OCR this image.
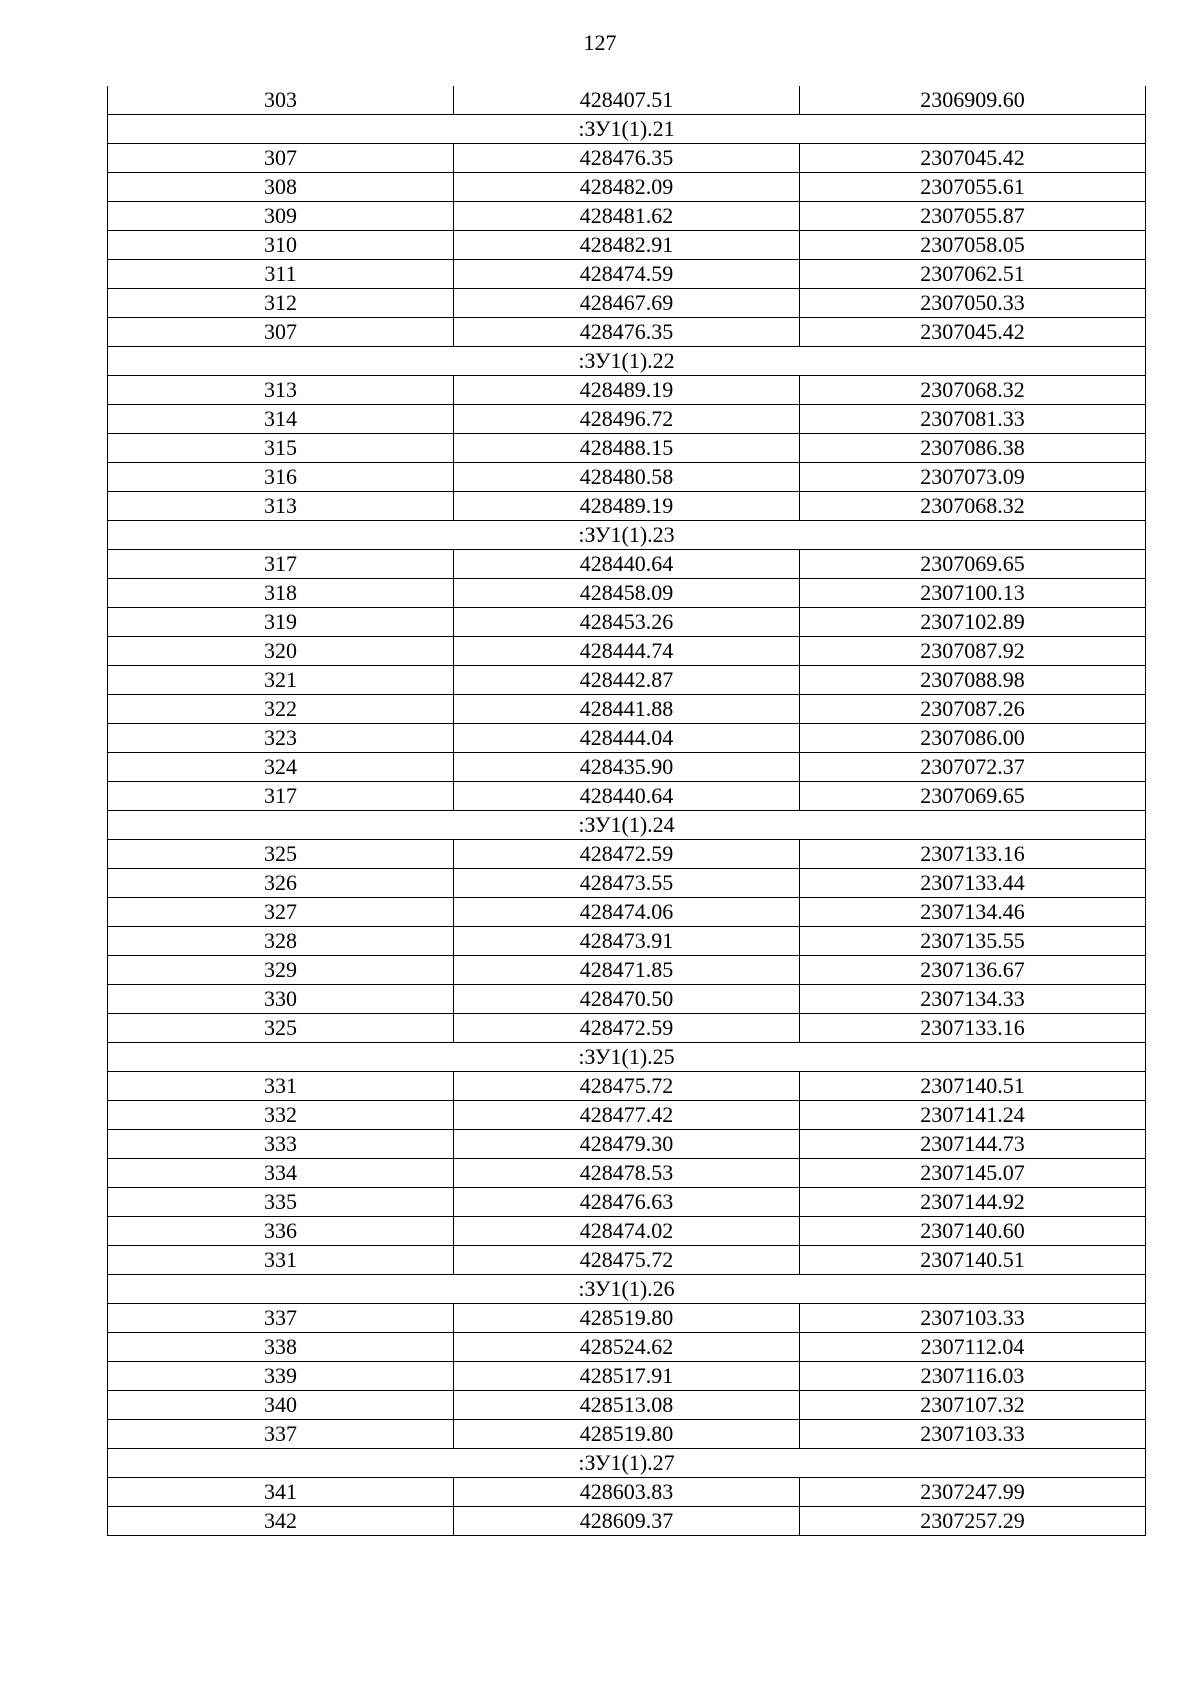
127
303	428407.51	2306909.60
:ЗУ1(1).21		
307	428476.35	2307045.42
308	428482.09	2307055.61
309	428481.62	2307055.87
310	428482.91	2307058.05
311	428474.59	2307062.51
312	428467.69	2307050.33
307	428476.35	2307045.42
:ЗУ1(1).22		
313	428489.19	2307068.32
314	428496.72	2307081.33
315	428488.15	2307086.38
316	428480.58	2307073.09
313	428489.19	2307068.32
:ЗУ1(1).23		
317	428440.64	2307069.65
318	428458.09	2307100.13
319	428453.26	2307102.89
320	428444.74	2307087.92
321	428442.87	2307088.98
322	428441.88	2307087.26
323	428444.04	2307086.00
324	428435.90	2307072.37
317	428440.64	2307069.65
:ЗУ1(1).24		
325	428472.59	2307133.16
326	428473.55	2307133.44
327	428474.06	2307134.46
328	428473.91	2307135.55
329	428471.85	2307136.67
330	428470.50	2307134.33
325	428472.59	2307133.16
:ЗУ1(1).25		
331	428475.72	2307140.51
332	428477.42	2307141.24
333	428479.30	2307144.73
334	428478.53	2307145.07
335	428476.63	2307144.92
336	428474.02	2307140.60
331	428475.72	2307140.51
:ЗУ1(1).26		
337	428519.80	2307103.33
338	428524.62	2307112.04
339	428517.91	2307116.03
340	428513.08	2307107.32
337	428519.80	2307103.33
:ЗУ1(1).27		
341	428603.83	2307247.99
342	428609.37	2307257.29
